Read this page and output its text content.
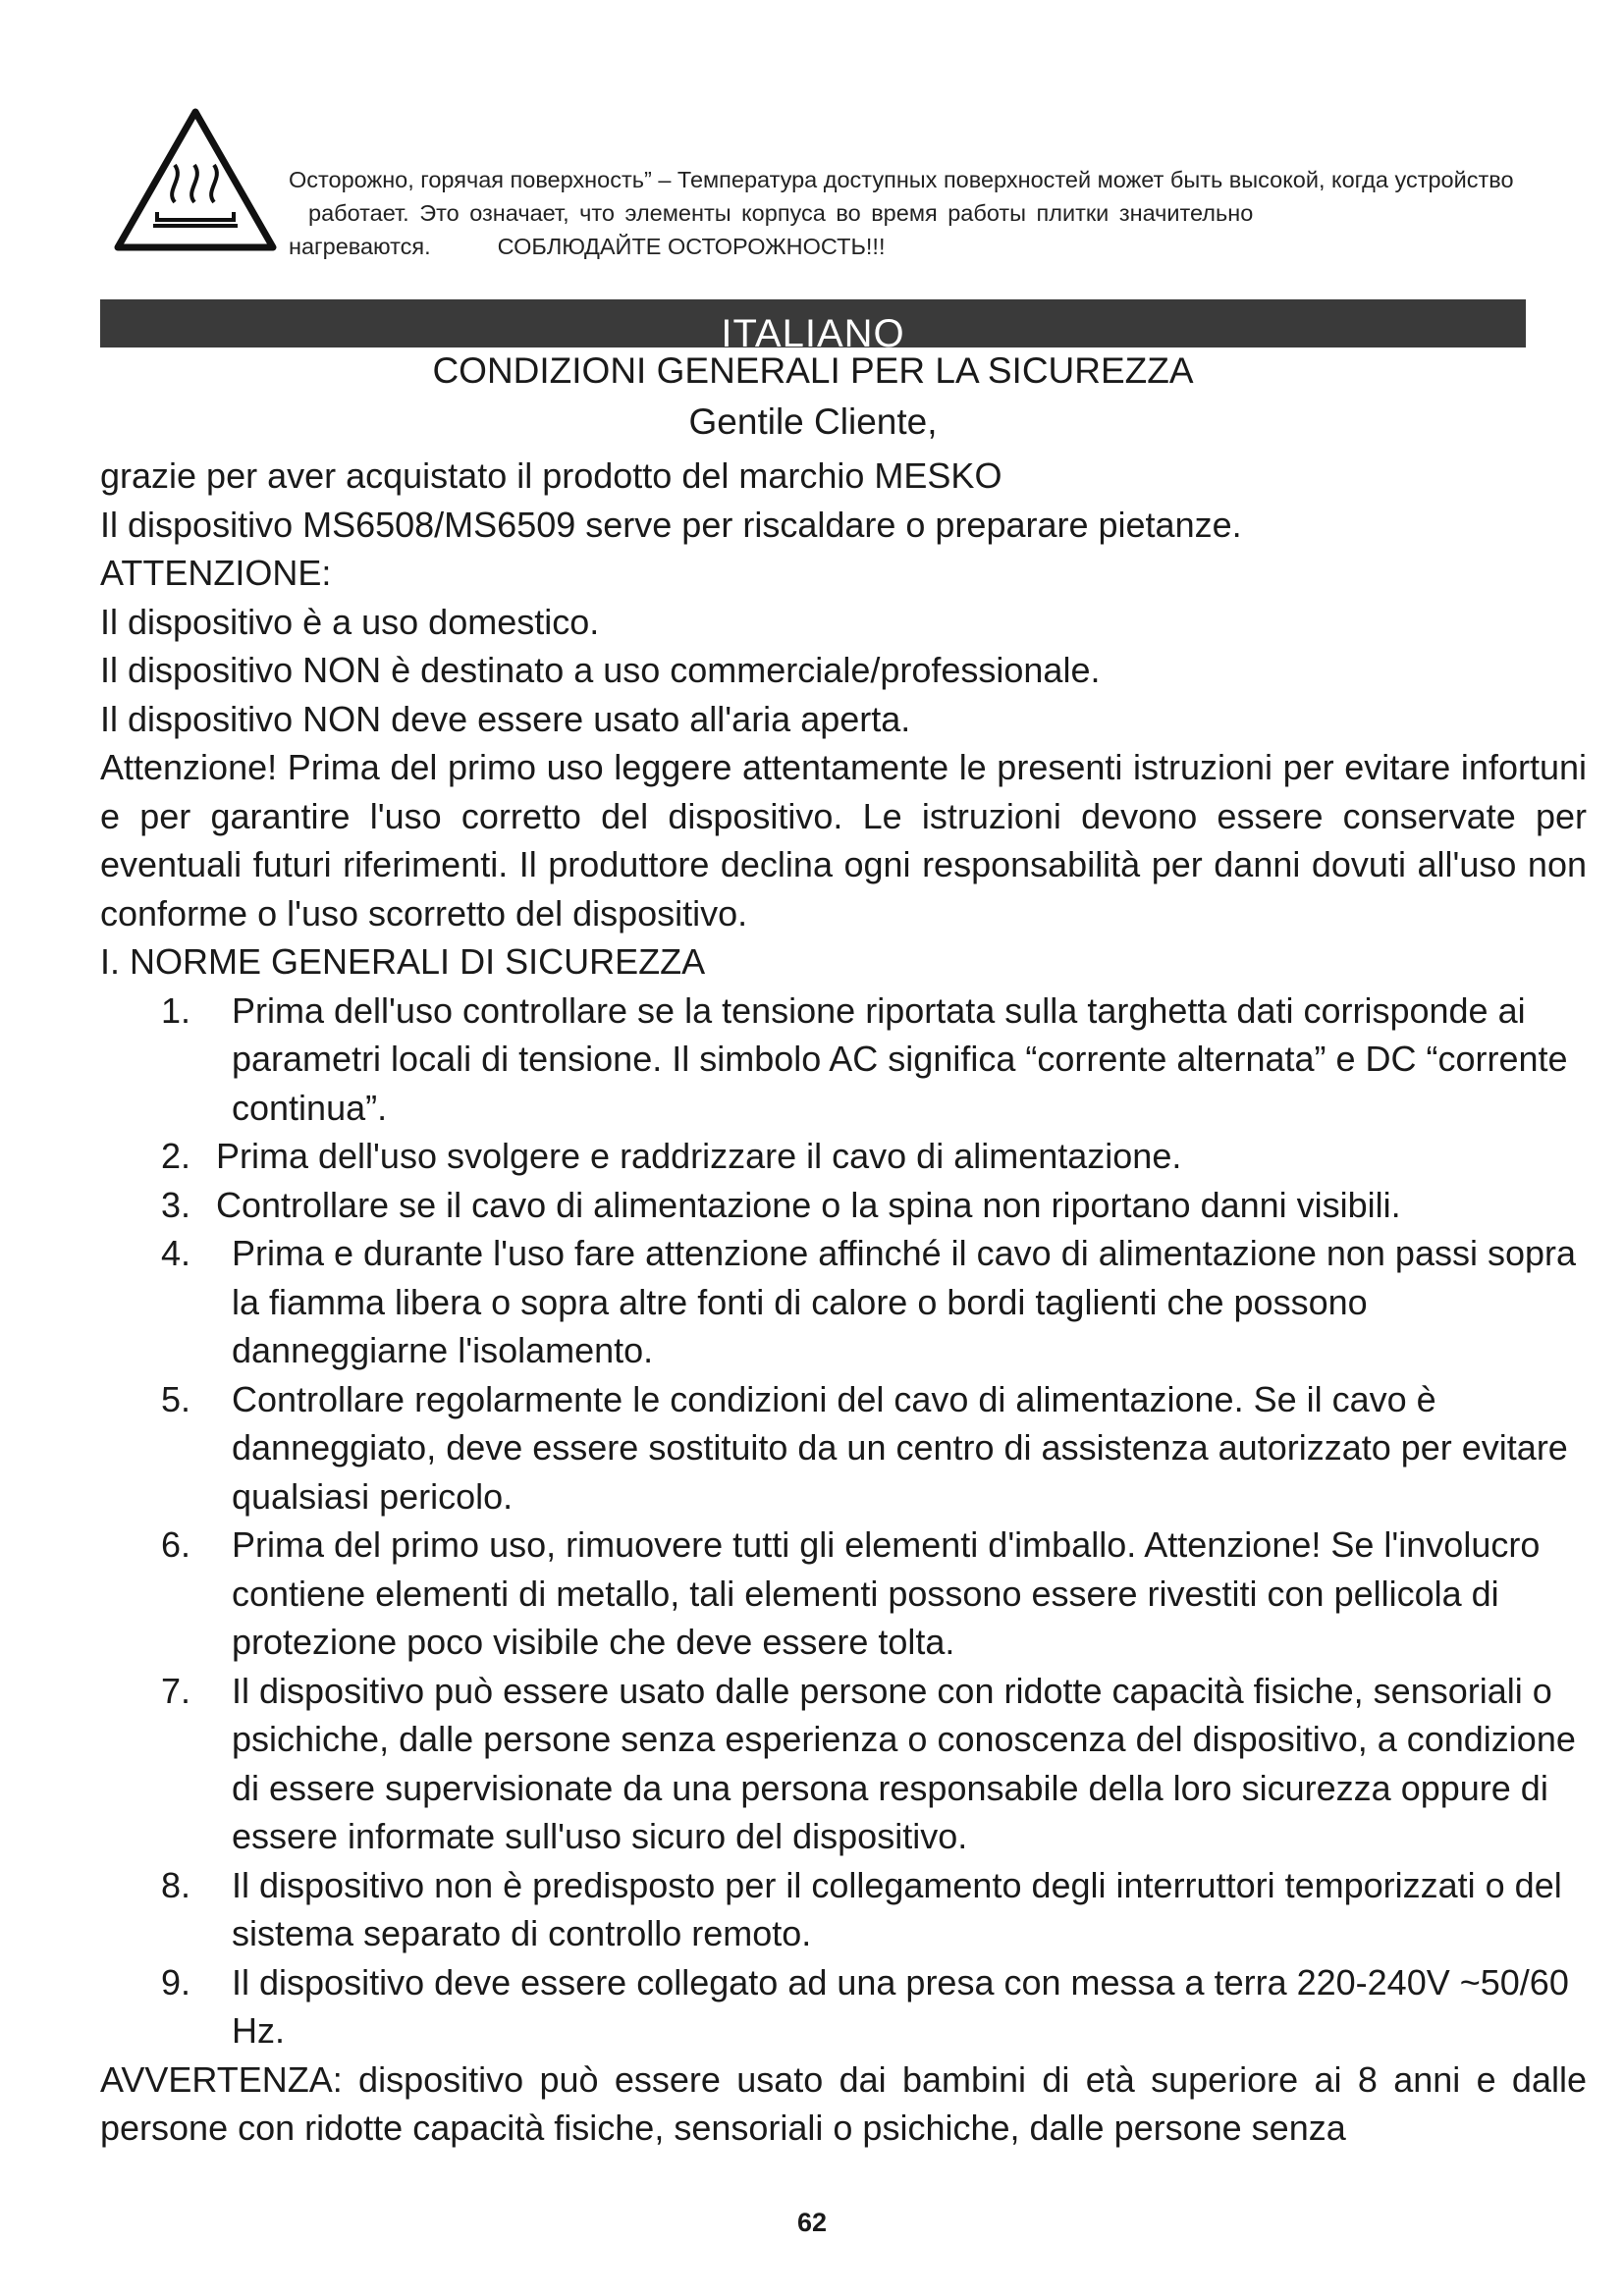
Осторожно, горячая поверхность” – Температура доступных поверхностей может быть высокой, когда устройство
работает. Это означает, что элементы корпуса во время работы плитки значительно
нагреваются.	СОБЛЮДАЙТЕ ОСТОРОЖНОСТЬ!!!
ITALIANO
CONDIZIONI GENERALI PER LA SICUREZZA
Gentile Cliente,

grazie per aver acquistato il prodotto del marchio MESKO

Il dispositivo MS6508/MS6509 serve per riscaldare o preparare pietanze.

ATTENZIONE:

Il dispositivo è a uso domestico.

Il dispositivo NON è destinato a uso commerciale/professionale.

Il dispositivo NON deve essere usato all'aria aperta.

Attenzione! Prima del primo uso leggere attentamente le presenti istruzioni per evitare infortuni e per garantire l'uso corretto del dispositivo. Le istruzioni devono essere conservate per eventuali futuri riferimenti. Il produttore declina ogni responsabilità per danni dovuti all'uso non conforme o l'uso scorretto del dispositivo.

I. NORME GENERALI DI SICUREZZA

1. Prima dell'uso controllare se la tensione riportata sulla targhetta dati corrisponde ai parametri locali di tensione. Il simbolo AC significa “corrente alternata” e DC “corrente continua”.
2. Prima dell'uso svolgere e raddrizzare il cavo di alimentazione.
3. Controllare se il cavo di alimentazione o la spina non riportano danni visibili.
4. Prima e durante l'uso fare attenzione affinché il cavo di alimentazione non passi sopra la fiamma libera o sopra altre fonti di calore o bordi taglienti che possono danneggiarne l'isolamento.
5. Controllare regolarmente le condizioni del cavo di alimentazione. Se il cavo è danneggiato, deve essere sostituito da un centro di assistenza autorizzato per evitare qualsiasi pericolo.
6. Prima del primo uso, rimuovere tutti gli elementi d'imballo. Attenzione! Se l'involucro contiene elementi di metallo, tali elementi possono essere rivestiti con pellicola di protezione poco visibile che deve essere tolta.
7. Il dispositivo può essere usato dalle persone con ridotte capacità fisiche, sensoriali o psichiche, dalle persone senza esperienza o conoscenza del dispositivo, a condizione di essere supervisionate da una persona responsabile della loro sicurezza oppure di essere informate sull'uso sicuro del dispositivo.
8. Il dispositivo non è predisposto per il collegamento degli interruttori temporizzati o del sistema separato di controllo remoto.
9. Il dispositivo deve essere collegato ad una presa con messa a terra 220-240V ~50/60 Hz.

AVVERTENZA: dispositivo può essere usato dai bambini di età superiore ai 8 anni e dalle persone con ridotte capacità fisiche, sensoriali o psichiche, dalle persone senza

62
